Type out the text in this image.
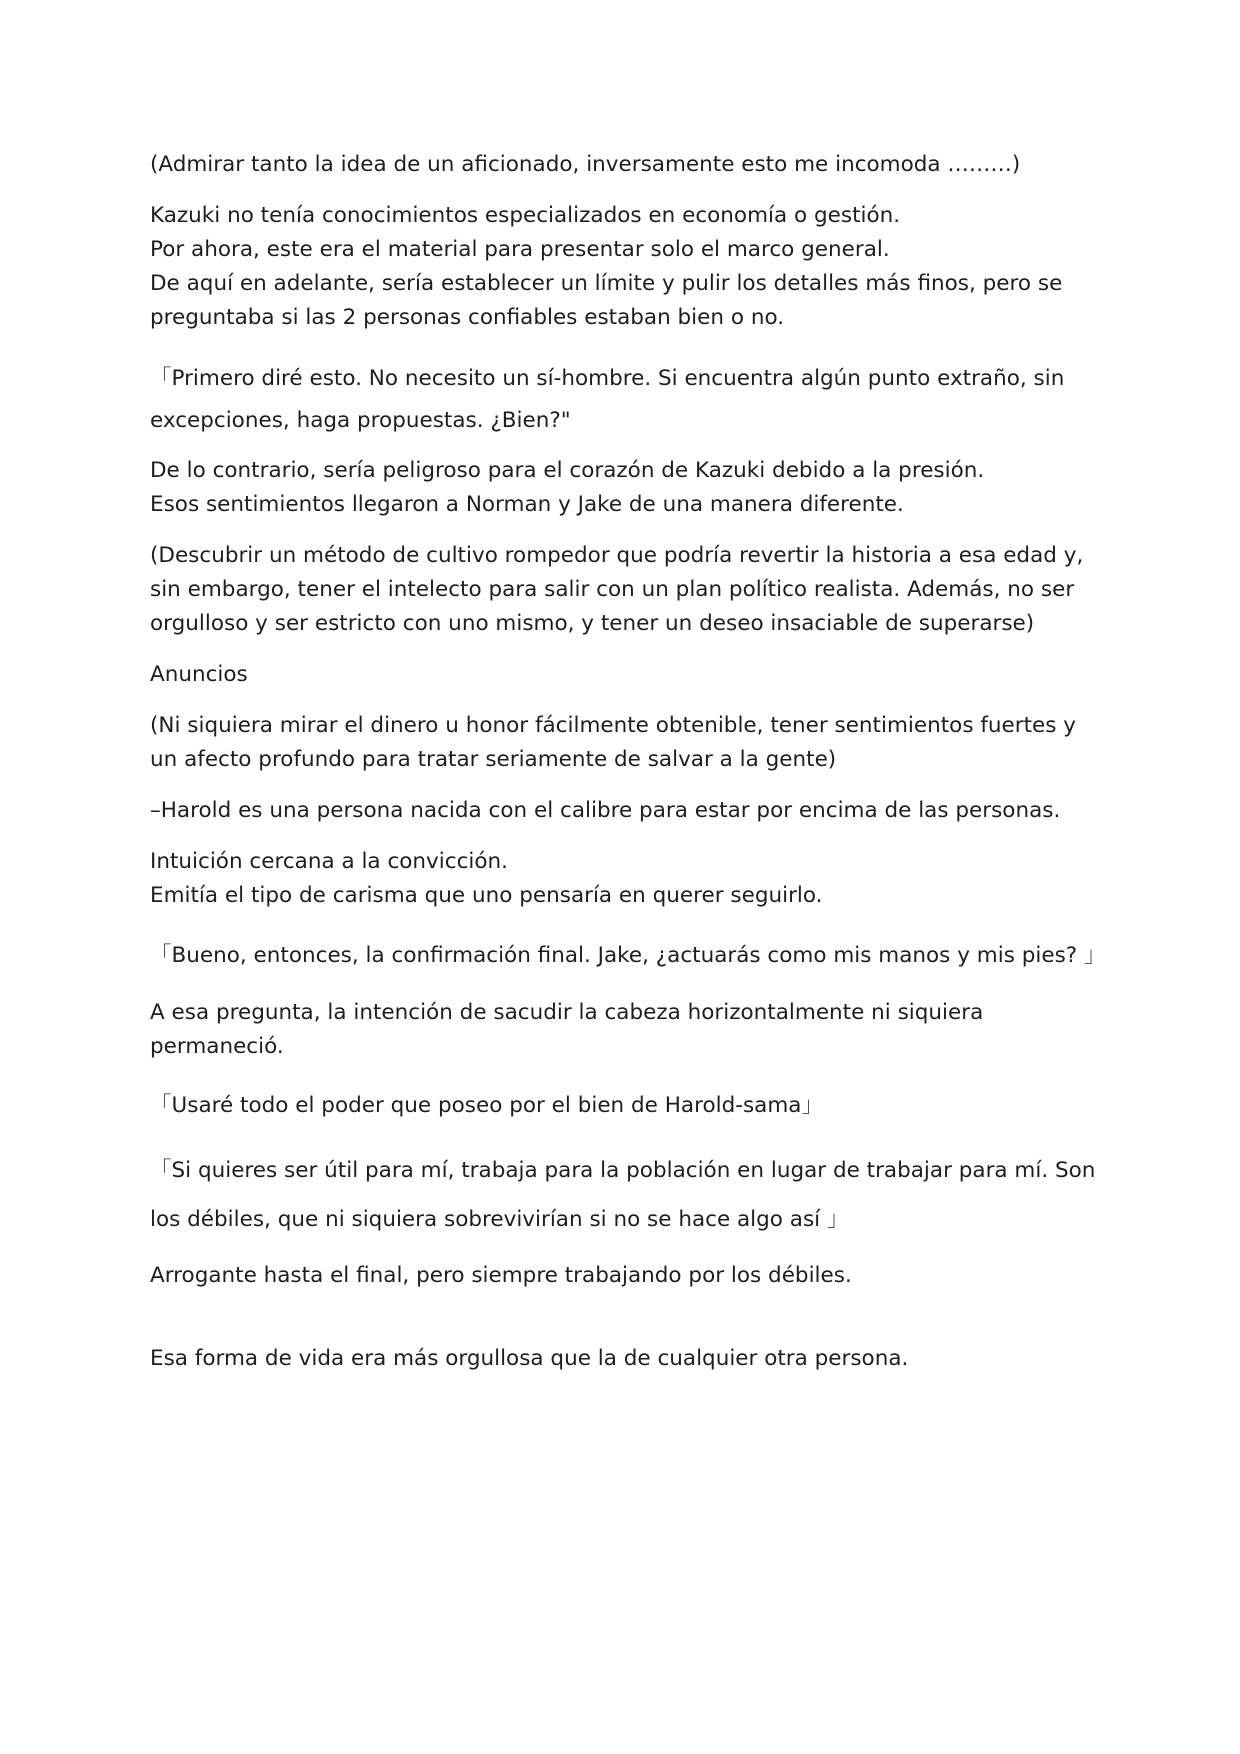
(Admirar tanto la idea de un aficionado, inversamente esto me incomoda ………)
Kazuki no tenía conocimientos especializados en economía o gestión.
Por ahora, este era el material para presentar solo el marco general.
De aquí en adelante, sería establecer un límite y pulir los detalles más finos, pero se
preguntaba si las 2 personas confiables estaban bien o no.
「Primero diré esto. No necesito un sí-hombre. Si encuentra algún punto extraño, sin
excepciones, haga propuestas. ¿Bien?"
De lo contrario, sería peligroso para el corazón de Kazuki debido a la presión.
Esos sentimientos llegaron a Norman y Jake de una manera diferente.
(Descubrir un método de cultivo rompedor que podría revertir la historia a esa edad y,
sin embargo, tener el intelecto para salir con un plan político realista. Además, no ser
orgulloso y ser estricto con uno mismo, y tener un deseo insaciable de superarse)
Anuncios
(Ni siquiera mirar el dinero u honor fácilmente obtenible, tener sentimientos fuertes y
un afecto profundo para tratar seriamente de salvar a la gente)
–Harold es una persona nacida con el calibre para estar por encima de las personas.
Intuición cercana a la convicción.
Emitía el tipo de carisma que uno pensaría en querer seguirlo.
「Bueno, entonces, la confirmación final. Jake, ¿actuarás como mis manos y mis pies? 」
A esa pregunta, la intención de sacudir la cabeza horizontalmente ni siquiera
permaneció.
「Usaré todo el poder que poseo por el bien de Harold-sama」
「Si quieres ser útil para mí, trabaja para la población en lugar de trabajar para mí. Son
los débiles, que ni siquiera sobrevivirían si no se hace algo así 」
Arrogante hasta el final, pero siempre trabajando por los débiles.
Esa forma de vida era más orgullosa que la de cualquier otra persona.
